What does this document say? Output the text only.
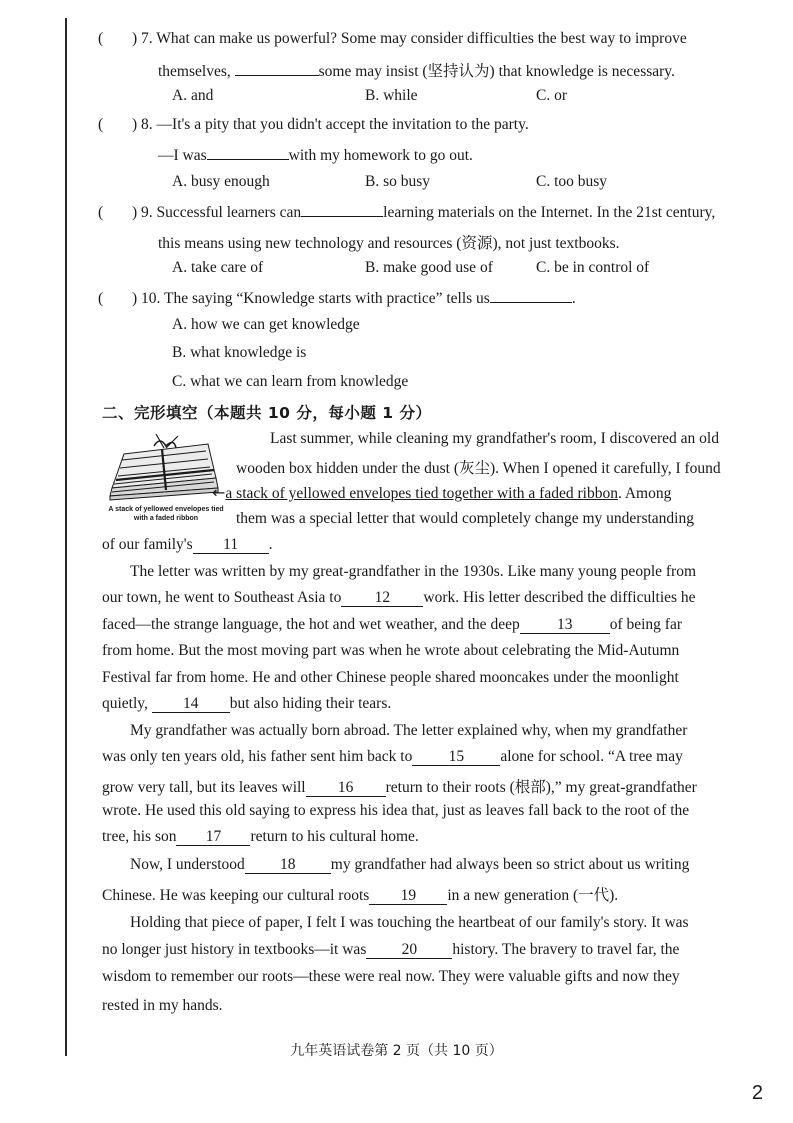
( ) 7. What can make us powerful? Some may consider difficulties the best way to improve
themselves,	some may insist (坚持认为) that knowledge is necessary.
A. and	B. while	C. or
( ) 8. —It's a pity that you didn't accept the invitation to the party.
—I was	with my homework to go out.
A. busy enough	B. so busy	C. too busy
( ) 9. Successful learners can	learning materials on the Internet. In the 21st century,
this means using new technology and resources (资源), not just textbooks.
A. take care of	B. make good use of	C. be in control of
( ) 10. The saying “Knowledge starts with practice” tells us	.
A. how we can get knowledge
B. what knowledge is
C. what we can learn from knowledge
二、完形填空（本题共 10 分，每小题 1 分）
A stack of yellowed envelopes tied with a faded ribbon
Last summer, while cleaning my grandfather's room, I discovered an old
wooden box hidden under the dust (灰尘). When I opened it carefully, I found
←a stack of yellowed envelopes tied together with a faded ribbon. Among
them was a special letter that would completely change my understanding
of our family's 11 .
The letter was written by my great-grandfather in the 1930s. Like many young people from
our town, he went to Southeast Asia to 12 work. His letter described the difficulties he
faced—the strange language, the hot and wet weather, and the deep 13 of being far
from home. But the most moving part was when he wrote about celebrating the Mid-Autumn
Festival far from home. He and other Chinese people shared mooncakes under the moonlight
quietly, 14 but also hiding their tears.
My grandfather was actually born abroad. The letter explained why, when my grandfather
was only ten years old, his father sent him back to 15 alone for school. “A tree may
grow very tall, but its leaves will 16 return to their roots (根部),” my great-grandfather
wrote. He used this old saying to express his idea that, just as leaves fall back to the root of the
tree, his son 17 return to his cultural home.
Now, I understood 18 my grandfather had always been so strict about us writing
Chinese. He was keeping our cultural roots 19 in a new generation (一代).
Holding that piece of paper, I felt I was touching the heartbeat of our family's story. It was
no longer just history in textbooks—it was 20 history. The bravery to travel far, the
wisdom to remember our roots—these were real now. They were valuable gifts and now they
rested in my hands.
九年英语试卷第 2 页（共 10 页）
2
